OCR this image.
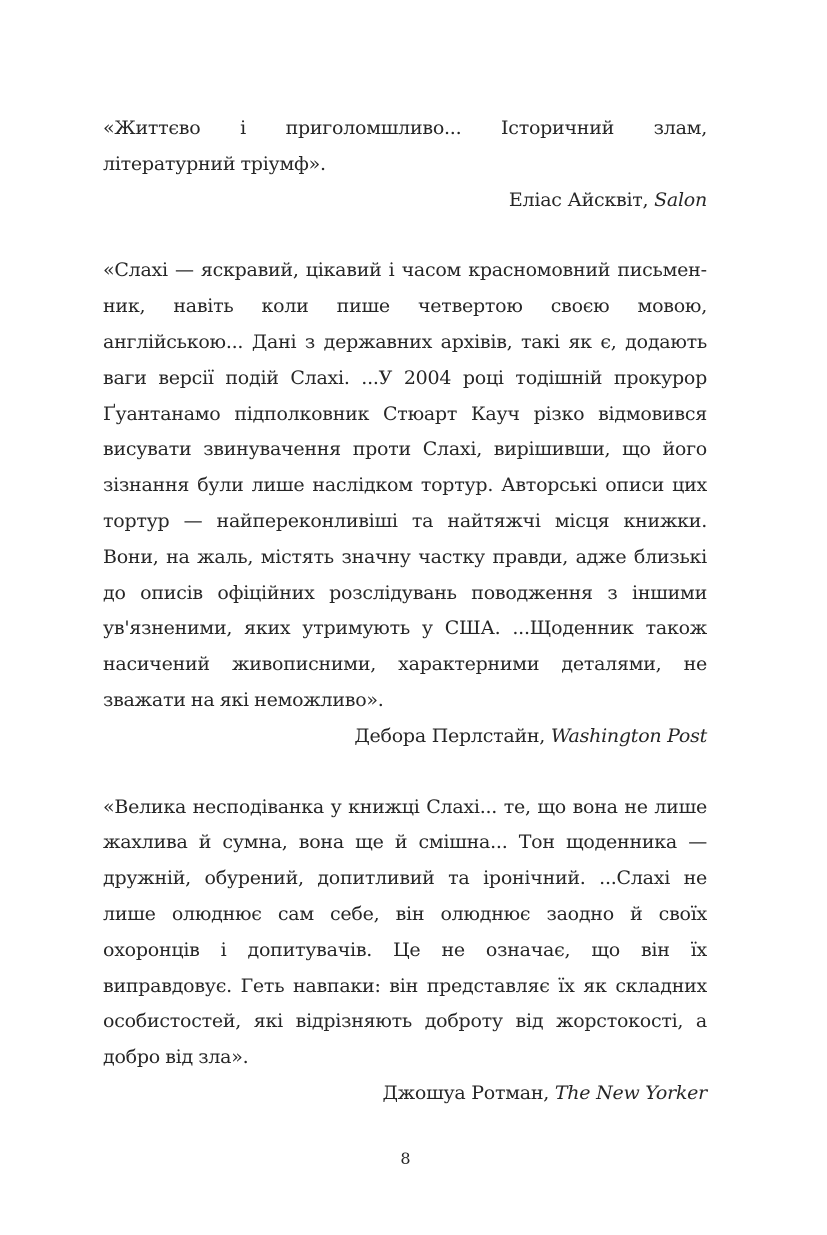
«Життєво і приголомшливо... Історичний злам, літературний тріумф».

Еліас Айсквіт, Salon

«Слахі — яскравий, цікавий і часом красномовний письменник, навіть коли пише четвертою своєю мовою, англійською... Дані з державних архівів, такі як є, додають ваги версії подій Слахі. ...У 2004 році тодішній прокурор Ґуантанамо підполковник Стюарт Кауч різко відмовився висувати звинувачення проти Слахі, вирішивши, що його зізнання були лише наслідком тортур. Авторські описи цих тортур — найпереконливіші та найтяжчі місця книжки. Вони, на жаль, містять значну частку правди, адже близькі до описів офіційних розслідувань поводження з іншими ув'язненими, яких утримують у США. ...Щоденник також насичений живописними, характерними деталями, не зважати на які неможливо».

Дебора Перлстайн, Washington Post

«Велика несподіванка у книжці Слахі... те, що вона не лише жахлива й сумна, вона ще й смішна... Тон щоденника — дружній, обурений, допитливий та іронічний. ...Слахі не лише олюднює сам себе, він олюднює заодно й своїх охоронців і допитувачів. Це не означає, що він їх виправдовує. Геть навпаки: він представляє їх як складних особистостей, які відрізняють доброту від жорстокості, а добро від зла».

Джошуа Ротман, The New Yorker

8
